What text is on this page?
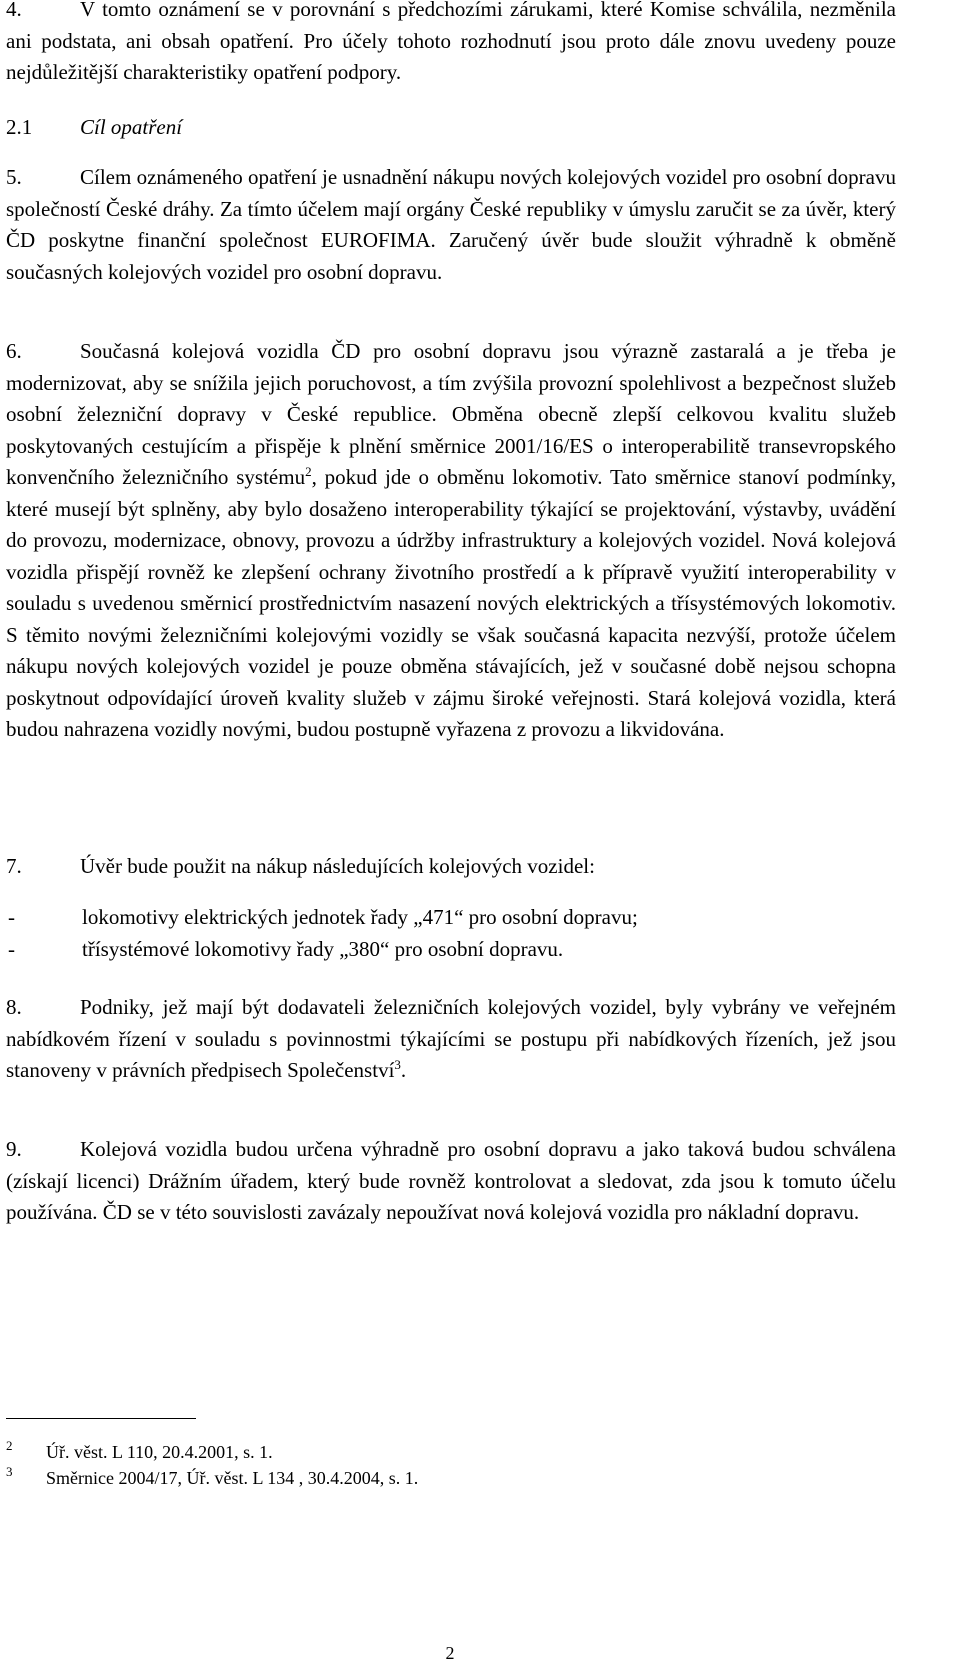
4.	V tomto oznámení se v porovnání s předchozími zárukami, které Komise schválila, nezměnila ani podstata, ani obsah opatření. Pro účely tohoto rozhodnutí jsou proto dále znovu uvedeny pouze nejdůležitější charakteristiky opatření podpory.

2.1 Cíl opatření

5.	Cílem oznámeného opatření je usnadnění nákupu nových kolejových vozidel pro osobní dopravu společností České dráhy. Za tímto účelem mají orgány České republiky v úmyslu zaručit se za úvěr, který ČD poskytne finanční společnost EUROFIMA. Zaručený úvěr bude sloužit výhradně k obměně současných kolejových vozidel pro osobní dopravu.

6.	Současná kolejová vozidla ČD pro osobní dopravu jsou výrazně zastaralá a je třeba je modernizovat, aby se snížila jejich poruchovost, a tím zvýšila provozní spolehlivost a bezpečnost služeb osobní železniční dopravy v České republice. Obměna obecně zlepší celkovou kvalitu služeb poskytovaných cestujícím a přispěje k plnění směrnice 2001/16/ES o interoperabilitě transevropského konvenčního železničního systému$^2$, pokud jde o obměnu lokomotiv. Tato směrnice stanoví podmínky, které musejí být splněny, aby bylo dosaženo interoperability týkající se projektování, výstavby, uvádění do provozu, modernizace, obnovy, provozu a údržby infrastruktury a kolejových vozidel. Nová kolejová vozidla přispějí rovněž ke zlepšení ochrany životního prostředí a k přípravě využití interoperability v souladu s uvedenou směrnicí prostřednictvím nasazení nových elektrických a třísystémových lokomotiv. S těmito novými železničními kolejovými vozidly se však současná kapacita nezvýší, protože účelem nákupu nových kolejových vozidel je pouze obměna stávajících, jež v současné době nejsou schopna poskytnout odpovídající úroveň kvality služeb v zájmu široké veřejnosti. Stará kolejová vozidla, která budou nahrazena vozidly novými, budou postupně vyřazena z provozu a likvidována.

7.	Úvěr bude použit na nákup následujících kolejových vozidel:

-	lokomotivy elektrických jednotek řady „471“ pro osobní dopravu;
-	třísystémové lokomotivy řady „380“ pro osobní dopravu.

8.	Podniky, jež mají být dodavateli železničních kolejových vozidel, byly vybrány ve veřejném nabídkovém řízení v souladu s povinnostmi týkajícími se postupu při nabídkových řízeních, jež jsou stanoveny v právních předpisech Společenství$^3$.

9.	Kolejová vozidla budou určena výhradně pro osobní dopravu a jako taková budou schválena (získají licenci) Drážním úřadem, který bude rovněž kontrolovat a sledovat, zda jsou k tomuto účelu používána. ČD se v této souvislosti zavázaly nepoužívat nová kolejová vozidla pro nákladní dopravu.

2	Úř. věst. L 110, 20.4.2001, s. 1.
3	Směrnice 2004/17, Úř. věst. L 134 , 30.4.2004, s. 1.
2
